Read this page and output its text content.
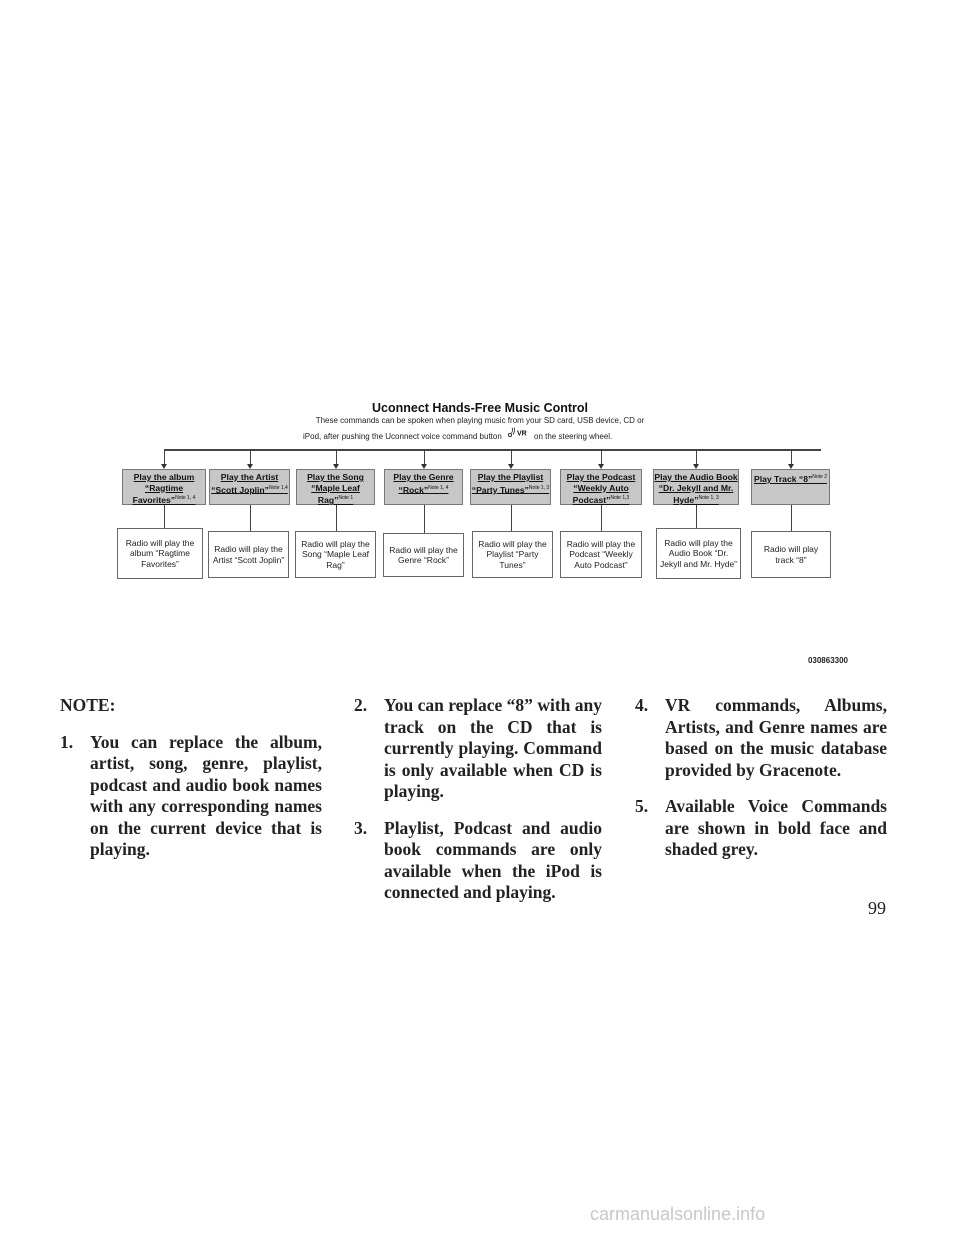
Uconnect Hands-Free Music Control
These commands can be spoken when playing music from your SD card, USB device, CD or
iPod, after pushing the Uconnect voice command button VR on the steering wheel.
Play the album “Ragtime Favorites”$^{Note 1, 4}$
Radio will play the album “Ragtime Favorites”
Play the Artist “Scott Joplin”$^{Note 1,4}$
Radio will play the Artist “Scott Joplin”
Play the Song “Maple Leaf Rag”$^{Note 1}$
Radio will play the Song “Maple Leaf Rag”
Play the Genre “Rock”$^{Note 1, 4}$
Radio will play the Genre “Rock”
Play the Playlist “Party Tunes”$^{Note 1, 3}$
Radio will play the Playlist “Party Tunes”
Play the Podcast “Weekly Auto Podcast”$^{Note 1,3}$
Radio will play the Podcast “Weekly Auto Podcast”
Play the Audio Book “Dr. Jekyll and Mr. Hyde”$^{Note 1, 3}$
Radio will play the Audio Book “Dr. Jekyll and Mr. Hyde”
Play Track “8”$^{Note 2}$
Radio will play track “8”
030863300

NOTE:

1. You can replace the album, artist, song, genre, playlist, podcast and audio book names with any corresponding names on the current device that is playing.

2. You can replace “8” with any track on the CD that is currently playing. Command is only available when CD is playing.

3. Playlist, Podcast and audio book commands are only available when the iPod is connected and playing.

4. VR commands, Albums, Artists, and Genre names are based on the music database provided by Gracenote.

5. Available Voice Commands are shown in bold face and shaded grey.

99
carmanualsonline.info
